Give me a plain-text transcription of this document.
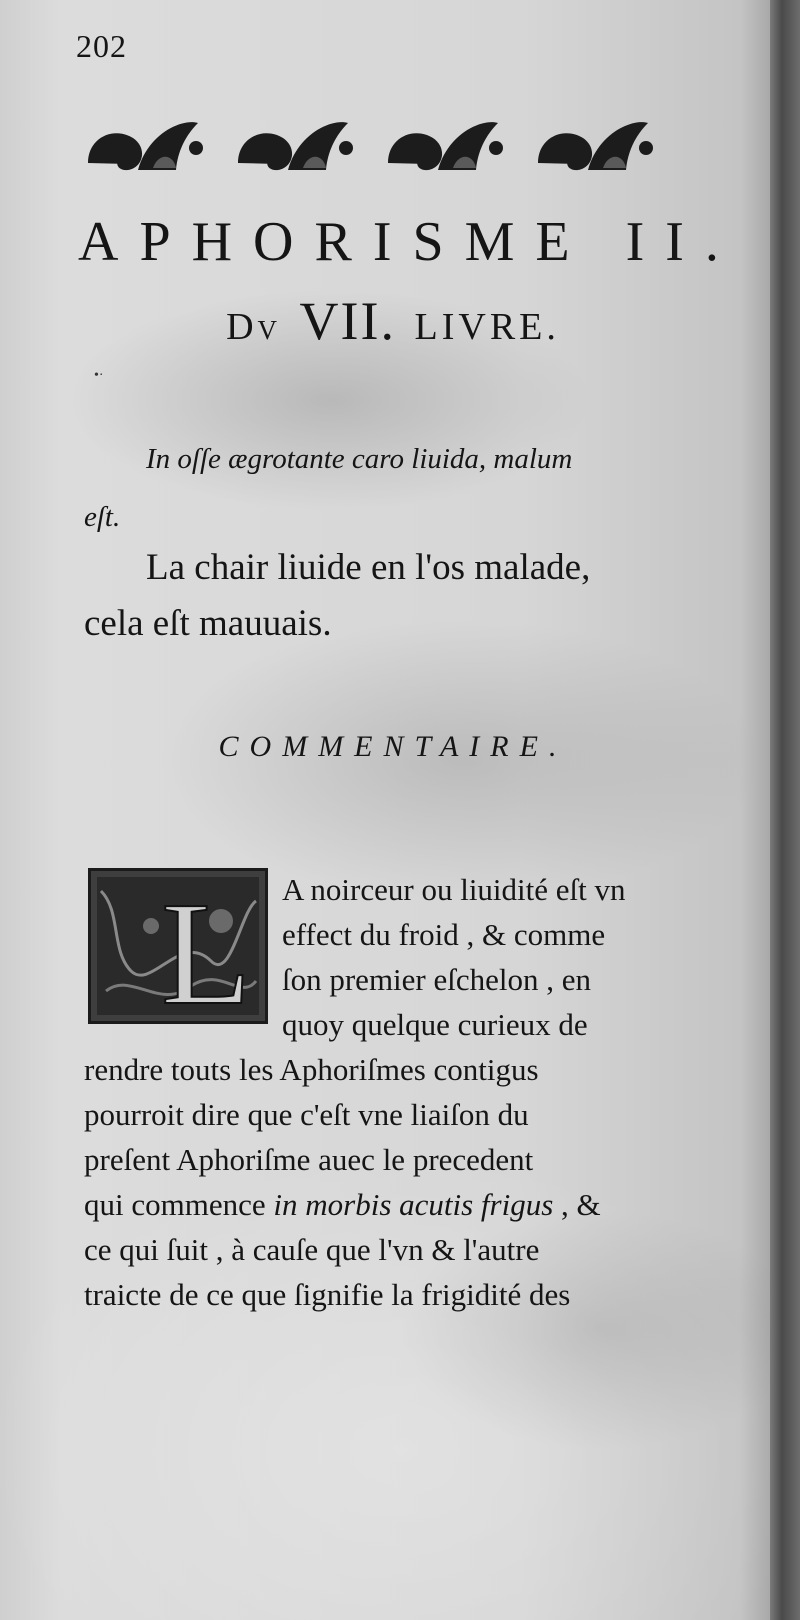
202
APHORISME II.
Dv VII. LIVRE.
•·
In oſſe ægrotante caro liuida, malum
eſt.
La chair liuide en l'os malade,
cela eſt mauuais.
COMMENTAIRE.
L A noirceur ou liuidité eſt vn
effect du froid , & comme
ſon premier eſchelon , en
quoy quelque curieux de
rendre touts les Aphoriſmes contigus
pourroit dire que c'eſt vne liaiſon du
preſent Aphoriſme auec le precedent
qui commence in morbis acutis frigus , &
ce qui ſuit , à cauſe que l'vn & l'autre
traicte de ce que ſignifie la frigidité des
